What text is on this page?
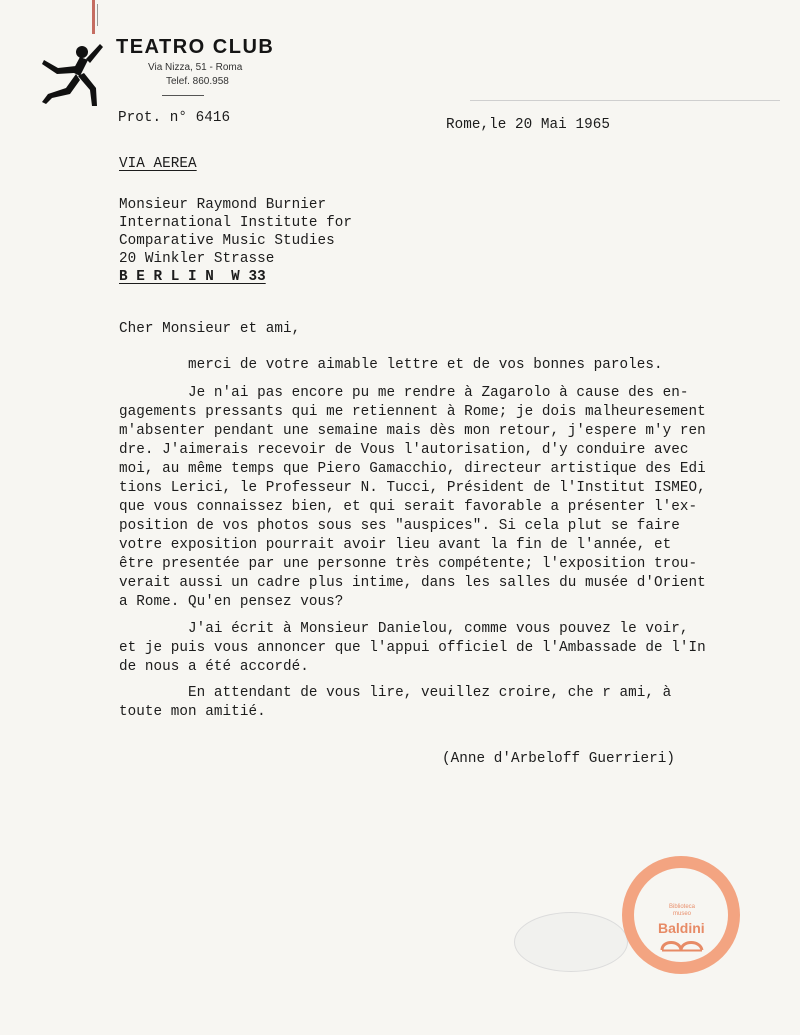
TEATRO CLUB
Via Nizza, 51 - Roma
Telef. 860.958
Prot. n° 6416	Rome,le 20 Mai 1965
VIA AEREA
Monsieur Raymond Burnier
International Institute for
Comparative Music Studies
20 Winkler Strasse
B E R L I N  W 33
Cher Monsieur et ami,
merci de votre aimable lettre et de vos bonnes paroles.
Je n'ai pas encore pu me rendre à Zagarolo à cause des en-
gagements pressants qui me retiennent à Rome; je dois malheuresement
m'absenter pendant une semaine mais dès mon retour, j'espere m'y ren
dre. J'aimerais recevoir de Vous l'autorisation, d'y conduire avec
moi, au même temps que Piero Gamacchio, directeur artistique des Edi
tions Lerici, le Professeur N. Tucci, Président de l'Institut ISMEO,
que vous connaissez bien, et qui serait favorable a présenter l'ex-
position de vos photos sous ses "auspices". Si cela plut se faire
votre exposition pourrait avoir lieu avant la fin de l'année, et
être presentée par une personne très compétente; l'exposition trou-
verait aussi un cadre plus intime, dans les salles du musée d'Orient
a Rome. Qu'en pensez vous?
J'ai écrit à Monsieur Danielou, comme vous pouvez le voir,
et je puis vous annoncer que l'appui officiel de l'Ambassade de l'In
de nous a été accordé.
En attendant de vous lire, veuillez croire, che r ami, à
toute mon amitié.
(Anne d'Arbeloff Guerrieri)
Biblioteca museo
Baldini
